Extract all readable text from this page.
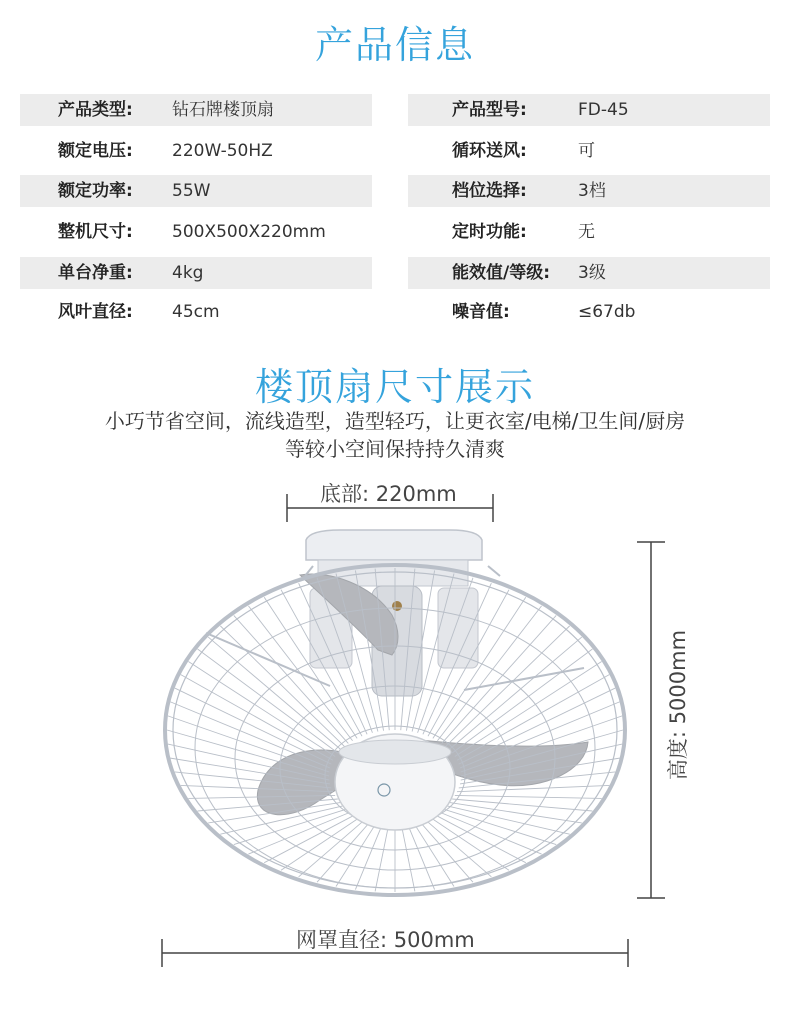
产品信息
产品类型: 钻石牌楼顶扇
额定电压: 220W-50HZ
额定功率: 55W
整机尺寸: 500X500X220mm
单台净重: 4kg
风叶直径: 45cm
产品型号:	FD-45
循环送风:	可
档位选择:	3档
定时功能:	无
能效值/等级: 3级
噪音值:	≤67db
楼顶扇尺寸展示
小巧节省空间，流线造型，造型轻巧，让更衣室/电梯/卫生间/厨房
等较小空间保持持久清爽
底部: 220mm
网罩直径: 500mm
高度: 5000mm
